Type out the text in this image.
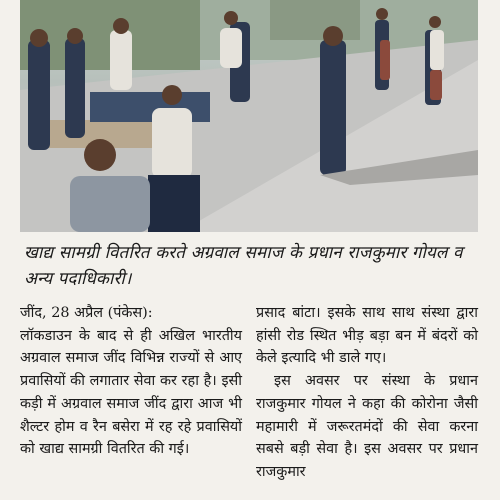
खाद्य सामग्री वितरित करते अग्रवाल समाज के प्रधान राजकुमार गोयल व अन्य पदाधिकारी।

जींद, 28 अप्रैल (पंकेस):

लॉकडाउन के बाद से ही अखिल भारतीय अग्रवाल समाज जींद विभिन्न राज्यों से आए प्रवासियों की लगातार सेवा कर रहा है। इसी कड़ी में अग्रवाल समाज जींद द्वारा आज भी शैल्टर होम व रैन बसेरा में रह रहे प्रवासियों को खाद्य सामग्री वितरित की गई।

प्रसाद बांटा। इसके साथ साथ संस्था द्वारा हांसी रोड स्थित भीड़ बड़ा बन में बंदरों को केले इत्यादि भी डाले गए।

इस अवसर पर संस्था के प्रधान राजकुमार गोयल ने कहा की कोरोना जैसी महामारी में जरूरतमंदों की सेवा करना सबसे बड़ी सेवा है। इस अवसर पर प्रधान राजकुमार
